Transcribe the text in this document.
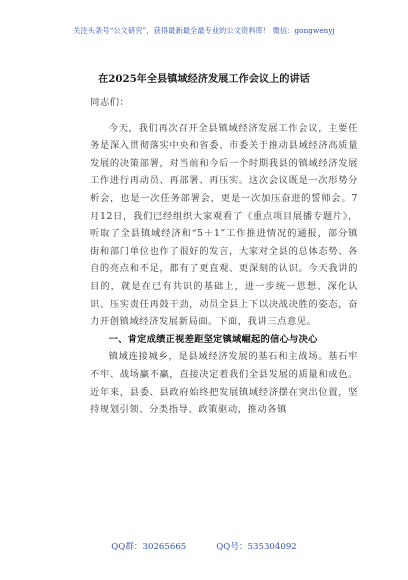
关注头条号“公文研究”，获得最新最全最专业的公文资料库！ 微信：gongwenyj
在2025年全县镇域经济发展工作会议上的讲话

同志们：

今天，我们再次召开全县镇域经济发展工作会议，主要任务是深入贯彻落实中央和省委、市委关于推动县域经济高质量发展的决策部署，对当前和今后一个时期我县的镇域经济发展工作进行再动员、再部署、再压实。这次会议既是一次形势分析会，也是一次任务部署会，更是一次加压奋进的誓师会。7月12日，我们已经组织大家观看了《重点项目展播专题片》，听取了全县镇域经济和“5＋1”工作推进情况的通报，部分镇街和部门单位也作了很好的发言，大家对全县的总体态势、各自的亮点和不足，都有了更直观、更深刻的认识。今天我讲的目的，就是在已有共识的基础上，进一步统一思想、深化认识、压实责任再鼓干劲，动员全县上下以决战决胜的姿态，奋力开创镇域经济发展新局面。下面，我讲三点意见。

一、肯定成绩正视差距坚定镇域崛起的信心与决心

镇域连接城乡，是县域经济发展的基石和主战场。基石牢不牢、战场赢不赢，直接决定着我们全县发展的质量和成色。近年来，县委、县政府始终把发展镇域经济摆在突出位置，坚持规划引领、分类指导、政策驱动，推动各镇

QQ群：30265665	QQ号：535304092
